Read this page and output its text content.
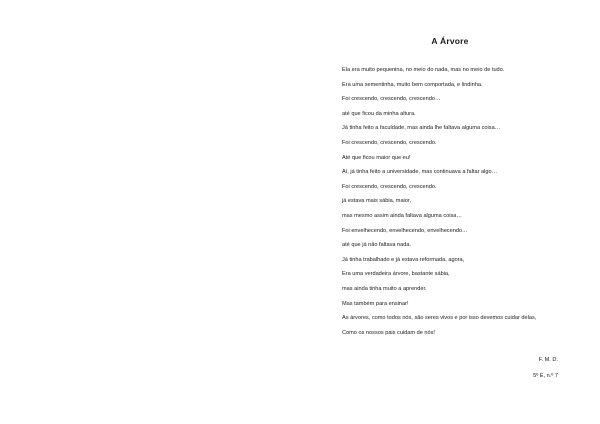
A Árvore
Ela era muito pequenina, no meio do nada, mas no meio de tudo.
Era uma sementinha, muito bem comportada, e lindinha.
Foi crescendo, crescendo, crescendo…
até que ficou da minha altura.
Já tinha feito a faculdade, mas ainda lhe faltava alguma coisa…
Foi crescendo, crescendo, crescendo.
Até que ficou maior que eu!
Aí, já tinha feito a universidade, mas continuava a faltar algo…
Foi crescendo, crescendo, crescendo.
já estava mais sábia, maior,
mas mesmo assim ainda faltava alguma coisa…
Foi envelhecendo, envelhecendo, envelhecendo…
até que já não faltava nada.
Já tinha trabalhado e já estava reformada, agora,
Era uma verdadeira árvore, bastante sábia,
mas ainda tinha muito a aprender.
Mas também para ensinar!
As árvores, como todos nós, são seres vivos e por isso devemos cuidar delas,
Como os nossos pais cuidam de nós!
F. M. D.
5º E, n.º 7
